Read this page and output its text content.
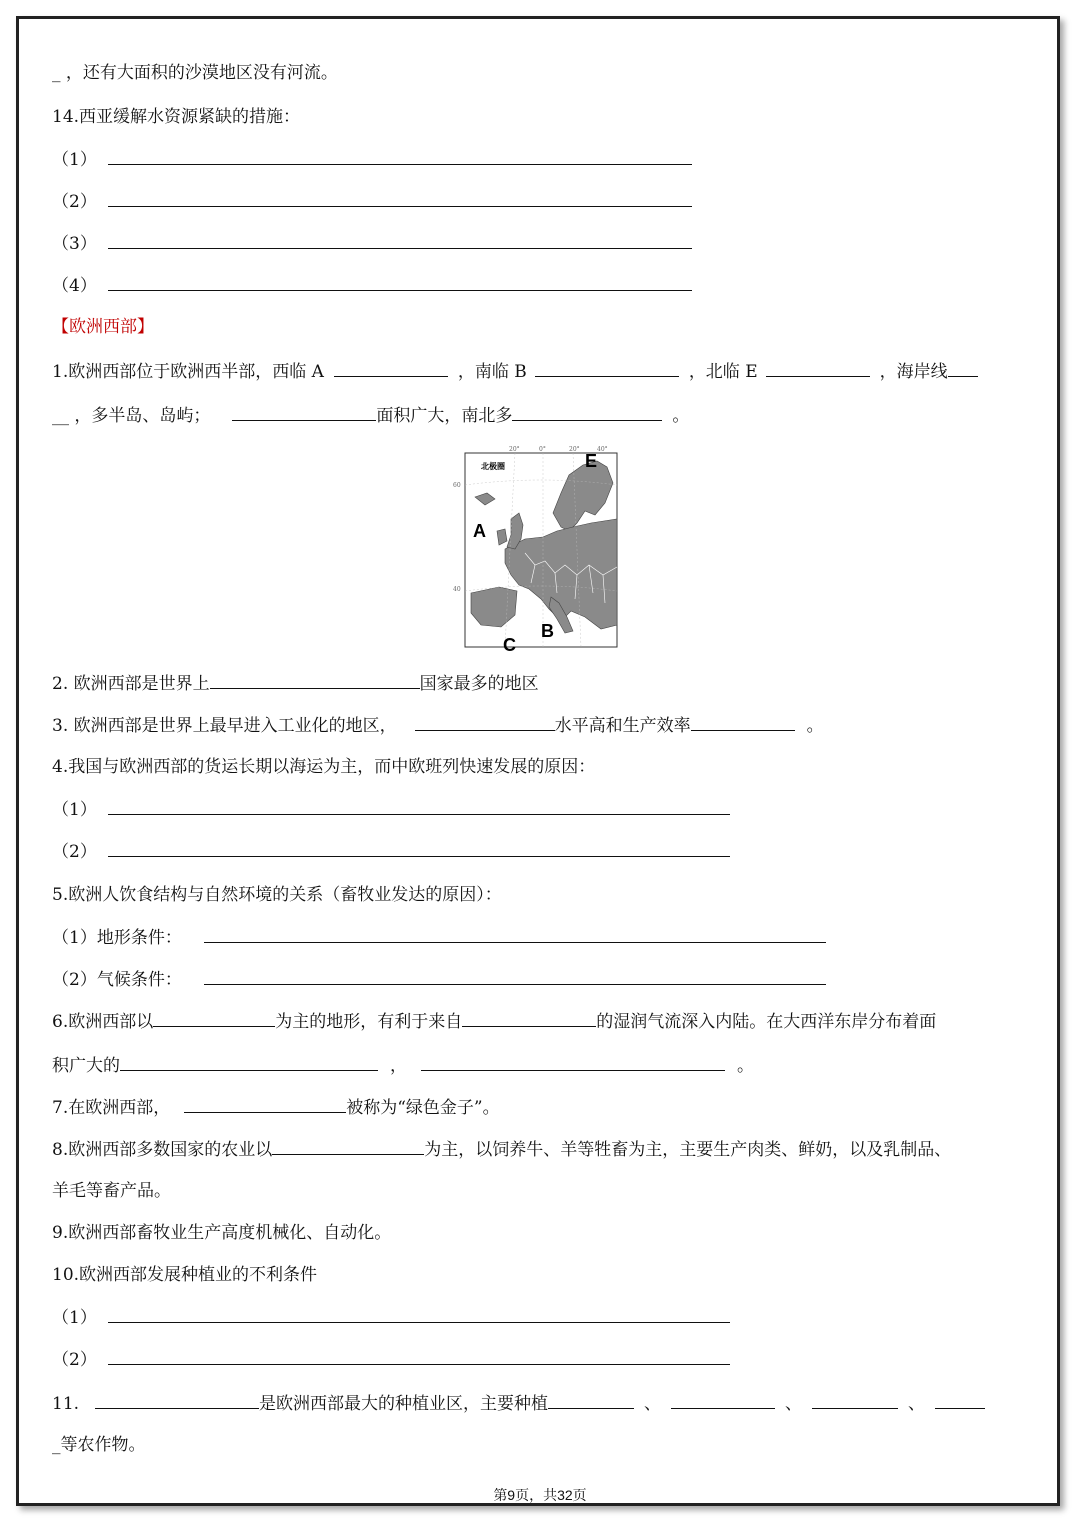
_ ，还有大面积的沙漠地区没有河流。
14.西亚缓解水资源紧缺的措施：
（1）
（2）
（3）
（4）
【欧洲西部】
1.欧洲西部位于欧洲西半部，西临 A	，南临 B	，北临 E	，海岸线
__ ，多半岛、岛屿；	面积广大，南北多	。
北极圈
20°	0°	20°	40°
60
40
A
B
C
E
2. 欧洲西部是世界上	国家最多的地区
3. 欧洲西部是世界上最早进入工业化的地区，	水平高和生产效率	。
4.我国与欧洲西部的货运长期以海运为主，而中欧班列快速发展的原因：
（1）
（2）
5.欧洲人饮食结构与自然环境的关系（畜牧业发达的原因）：
（1）地形条件：
（2）气候条件：
6.欧洲西部以	为主的地形，有利于来自	的湿润气流深入内陆。在大西洋东岸分布着面
积广大的	，	。
7.在欧洲西部，	被称为“绿色金子”。
8.欧洲西部多数国家的农业以	为主，以饲养牛、羊等牲畜为主，主要生产肉类、鲜奶，以及乳制品、
羊毛等畜产品。
9.欧洲西部畜牧业生产高度机械化、自动化。
10.欧洲西部发展种植业的不利条件
（1）
（2）
11.	是欧洲西部最大的种植业区，主要种植	、	、	、
_等农作物。
第9页，共32页
